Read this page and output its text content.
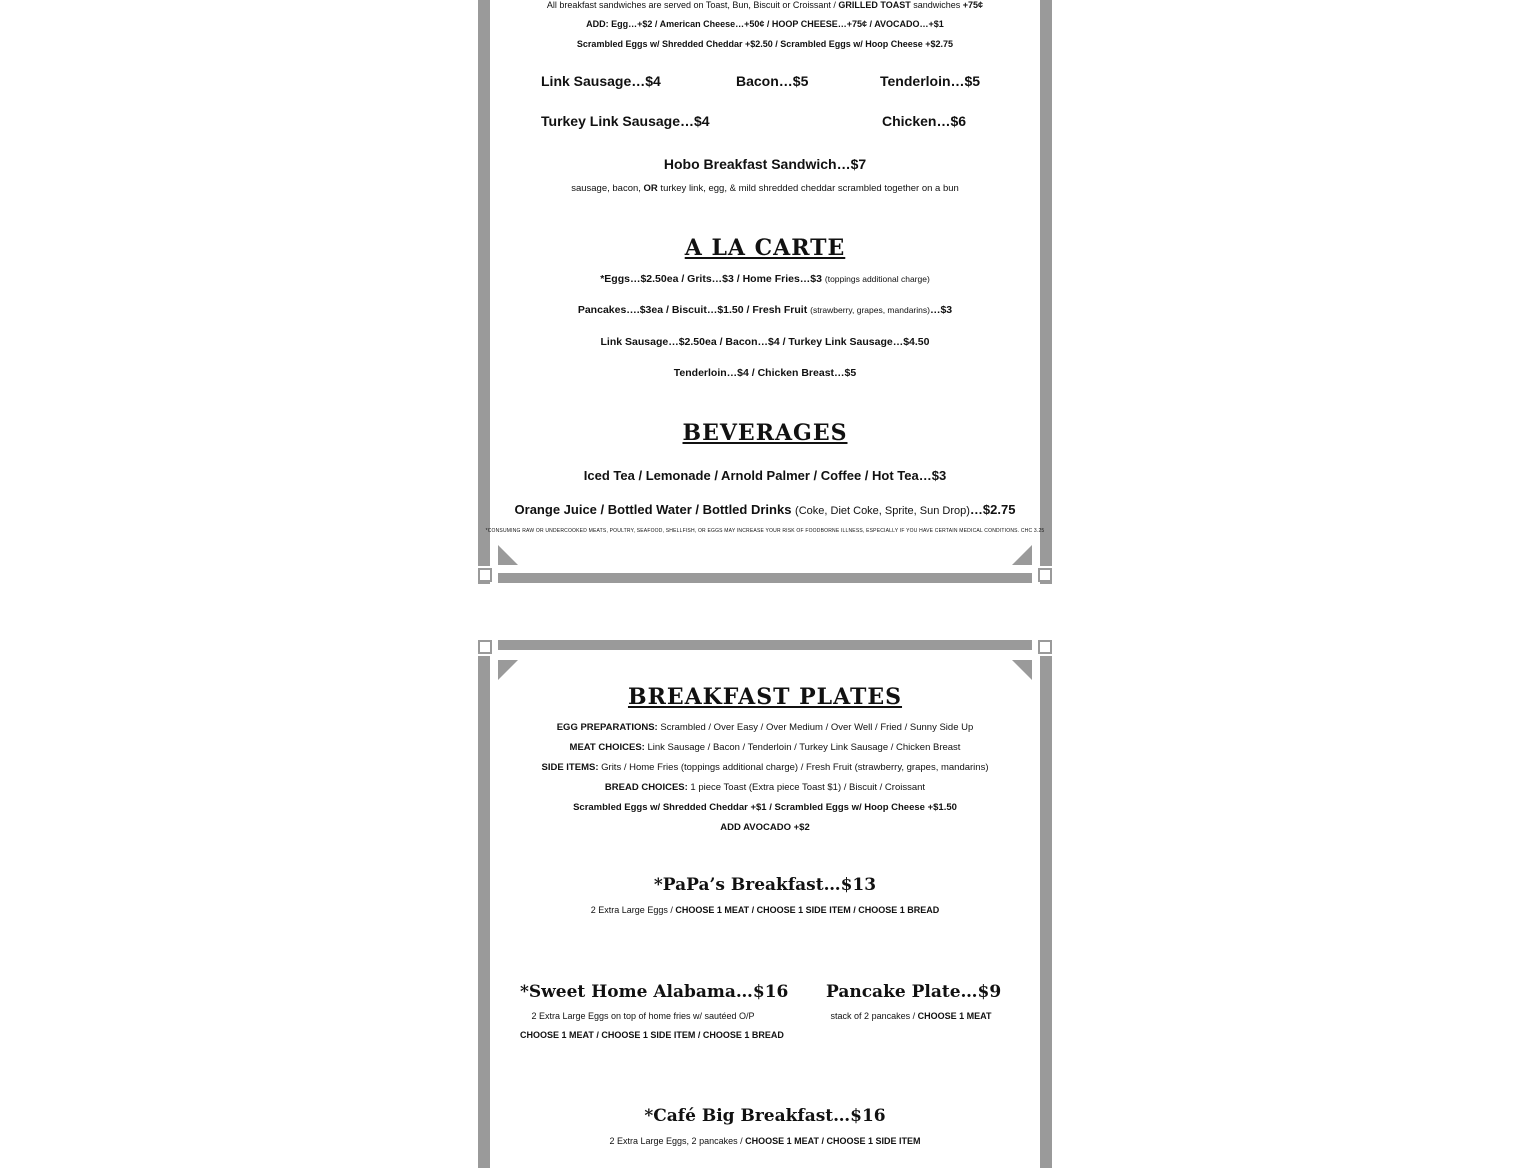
All breakfast sandwiches are served on Toast, Bun, Biscuit or Croissant / GRILLED TOAST sandwiches +75¢
ADD: Egg…+$2 / American Cheese…+50¢ / HOOP CHEESE…+75¢ / AVOCADO…+$1
Scrambled Eggs w/ Shredded Cheddar +$2.50 / Scrambled Eggs w/ Hoop Cheese +$2.75
Link Sausage…$4	Bacon…$5	Tenderloin…$5
Turkey Link Sausage…$4	Chicken…$6
Hobo Breakfast Sandwich…$7
sausage, bacon, OR turkey link, egg, & mild shredded cheddar scrambled together on a bun
A LA CARTE
*Eggs…$2.50ea / Grits…$3 / Home Fries…$3 (toppings additional charge)
Pancakes….$3ea / Biscuit…$1.50 / Fresh Fruit (strawberry, grapes, mandarins)…$3
Link Sausage…$2.50ea / Bacon…$4 / Turkey Link Sausage…$4.50
Tenderloin…$4 / Chicken Breast…$5
BEVERAGES
Iced Tea / Lemonade / Arnold Palmer / Coffee / Hot Tea…$3
Orange Juice / Bottled Water / Bottled Drinks (Coke, Diet Coke, Sprite, Sun Drop)…$2.75
*CONSUMING RAW OR UNDERCOOKED MEATS, POULTRY, SEAFOOD, SHELLFISH, OR EGGS MAY INCREASE YOUR RISK OF FOODBORNE ILLNESS, ESPECIALLY IF YOU HAVE CERTAIN MEDICAL CONDITIONS. CHC 3.25
BREAKFAST PLATES
EGG PREPARATIONS: Scrambled / Over Easy / Over Medium / Over Well / Fried / Sunny Side Up
MEAT CHOICES: Link Sausage / Bacon / Tenderloin / Turkey Link Sausage / Chicken Breast
SIDE ITEMS: Grits / Home Fries (toppings additional charge) / Fresh Fruit (strawberry, grapes, mandarins)
BREAD CHOICES: 1 piece Toast (Extra piece Toast $1) / Biscuit / Croissant
Scrambled Eggs w/ Shredded Cheddar +$1 / Scrambled Eggs w/ Hoop Cheese +$1.50
ADD AVOCADO +$2
*PaPa’s Breakfast…$13
2 Extra Large Eggs / CHOOSE 1 MEAT / CHOOSE 1 SIDE ITEM / CHOOSE 1 BREAD
*Sweet Home Alabama…$16
2 Extra Large Eggs on top of home fries w/ sautéed O/P
CHOOSE 1 MEAT / CHOOSE 1 SIDE ITEM / CHOOSE 1 BREAD
Pancake Plate…$9
stack of 2 pancakes / CHOOSE 1 MEAT
*Café Big Breakfast…$16
2 Extra Large Eggs, 2 pancakes / CHOOSE 1 MEAT / CHOOSE 1 SIDE ITEM
